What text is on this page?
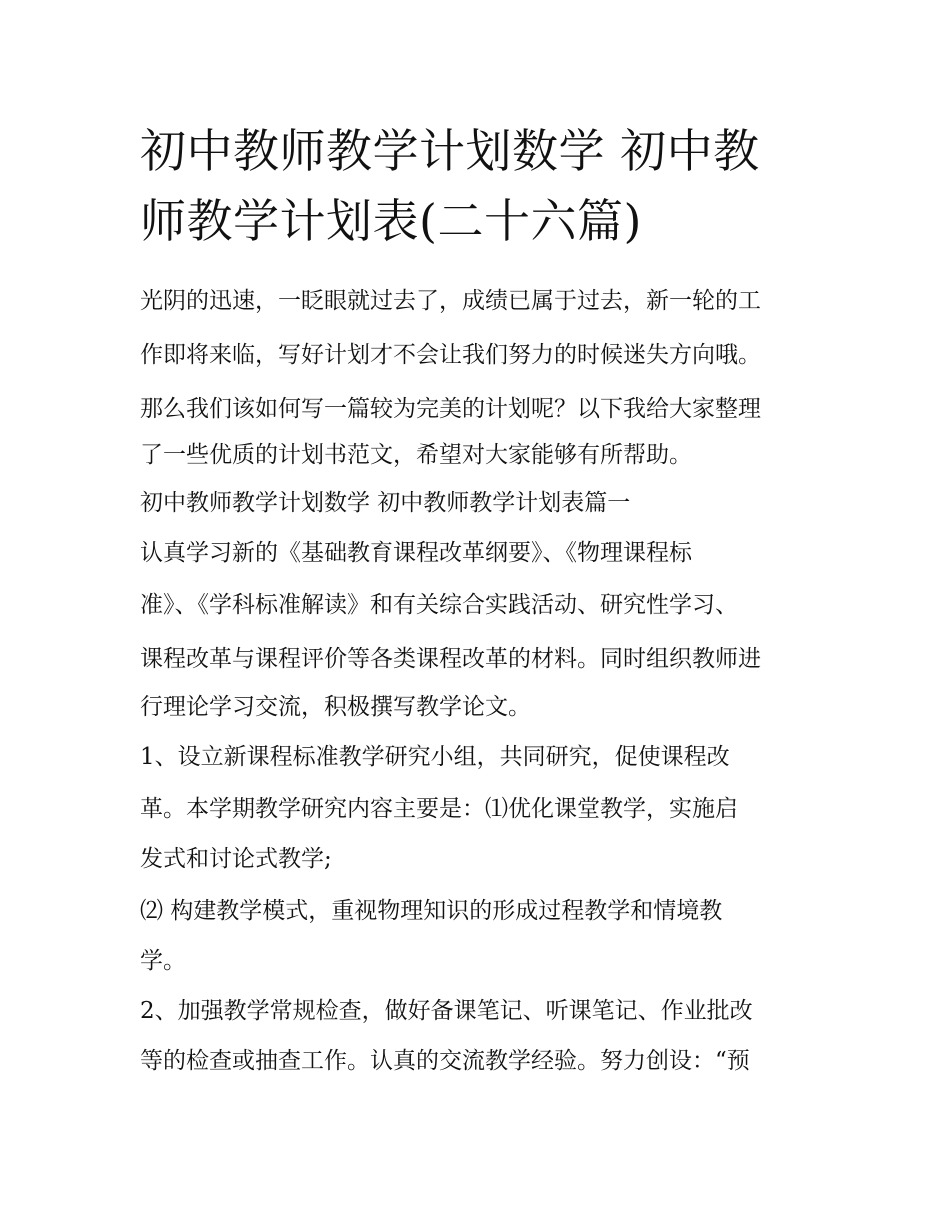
初中教师教学计划数学 初中教
师教学计划表(二十六篇)

光阴的迅速，一眨眼就过去了，成绩已属于过去，新一轮的工

作即将来临，写好计划才不会让我们努力的时候迷失方向哦。

那么我们该如何写一篇较为完美的计划呢？以下我给大家整理

了一些优质的计划书范文，希望对大家能够有所帮助。

初中教师教学计划数学 初中教师教学计划表篇一

认真学习新的《基础教育课程改革纲要》、《物理课程标

准》、《学科标准解读》和有关综合实践活动、研究性学习、

课程改革与课程评价等各类课程改革的材料。同时组织教师进

行理论学习交流，积极撰写教学论文。

1、设立新课程标准教学研究小组，共同研究，促使课程改

革。本学期教学研究内容主要是：⑴优化课堂教学，实施启

发式和讨论式教学;

⑵ 构建教学模式，重视物理知识的形成过程教学和情境教

学。

2、加强教学常规检查，做好备课笔记、听课笔记、作业批改

等的检查或抽查工作。认真的交流教学经验。努力创设：“预
